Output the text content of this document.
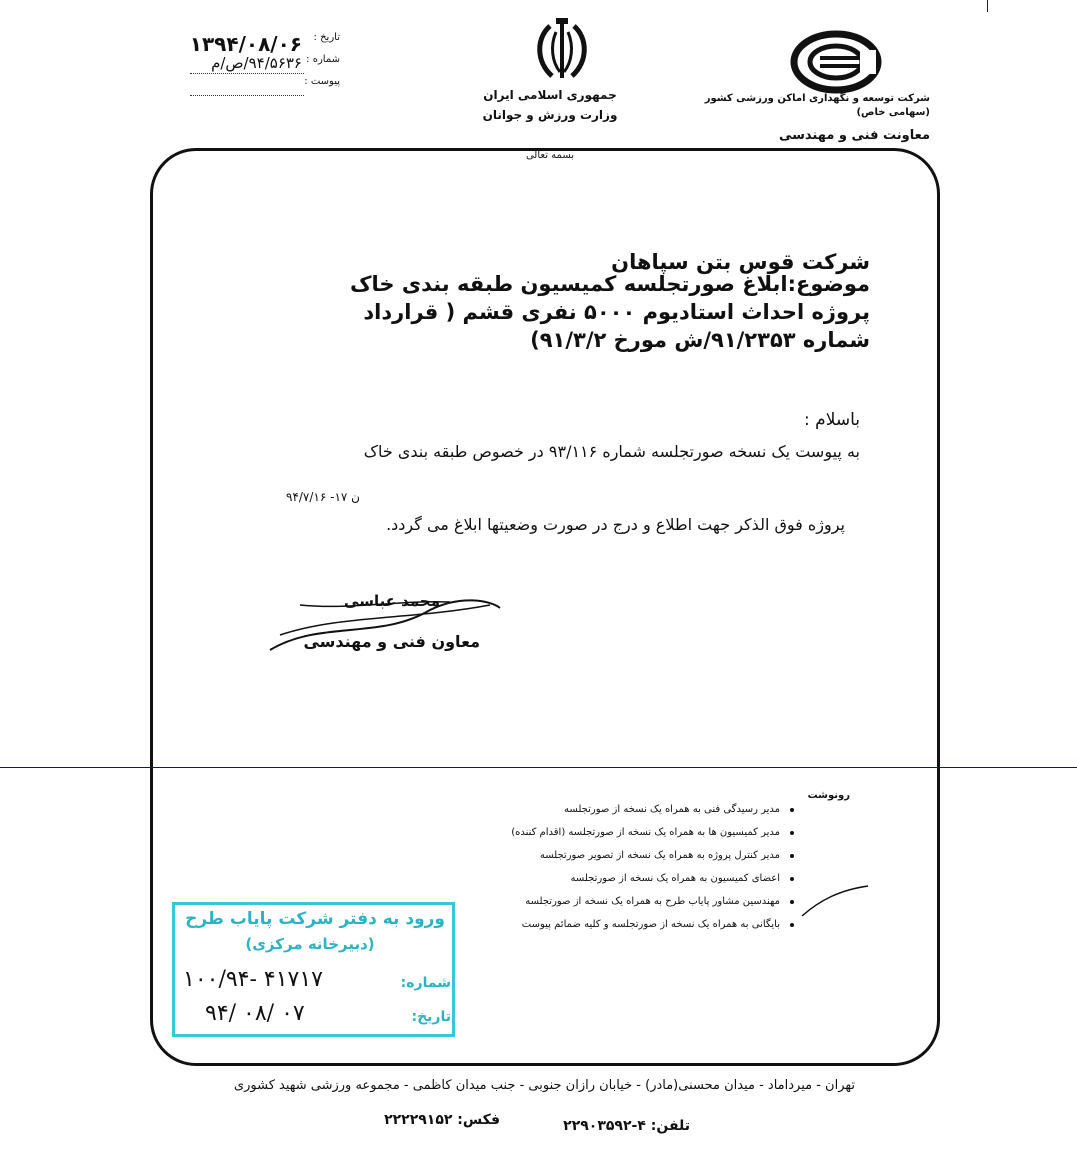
شرکت توسعه و نگهداری اماکن ورزشی کشور (سهامی خاص)
معاونت فنی و مهندسی
جمهوری اسلامی ایران
وزارت ورزش و جوانان
بسمه تعالی
تاریخ :
۱۳۹۴/۰۸/۰۶
شماره :
۹۴/۵۶۳۶/ص/م
پیوست :
شرکت قوس بتن سپاهان
موضوع:ابلاغ صورتجلسه کمیسیون طبقه بندی خاک پروژه احداث استادیوم ۵۰۰۰ نفری قشم ( قرارداد شماره ۹۱/۲۳۵۳/ش مورخ ۹۱/۳/۲)
باسلام :
به پیوست یک نسخه صورتجلسه شماره ۹۳/۱۱۶ در خصوص طبقه بندی خاک
پروژه فوق الذکر جهت اطلاع و درج در صورت وضعیتها ابلاغ می گردد.
ن ۱۷- ۹۴/۷/۱۶
محمد عباسی
معاون فنی و مهندسی
رونوشت
مدیر رسیدگی فنی به همراه یک نسخه از صورتجلسه
مدیر کمیسیون ها به همراه یک نسخه از صورتجلسه (اقدام کننده)
مدیر کنترل پروژه به همراه یک نسخه از تصویر صورتجلسه
اعضای کمیسیون به همراه یک نسخه از صورتجلسه
مهندسین مشاور پایاب طرح به همراه یک نسخه از صورتجلسه
بایگانی به همراه یک نسخه از صورتجلسه و کلیه ضمائم پیوست
ورود به دفتر شرکت پایاب طرح
(دبیرخانه مرکزی)
شماره:
۱۰۰/۹۴- ۴۱۷۱۷
تاریخ:
۹۴/ ۰۸/ ۰۷
تهران - میرداماد - میدان محسنی(مادر) - خیابان رازان جنوبی - جنب میدان کاظمی - مجموعه ورزشی شهید کشوری
تلفن: ۴-۲۲۹۰۳۵۹۲
فکس: ۲۲۲۲۹۱۵۲
